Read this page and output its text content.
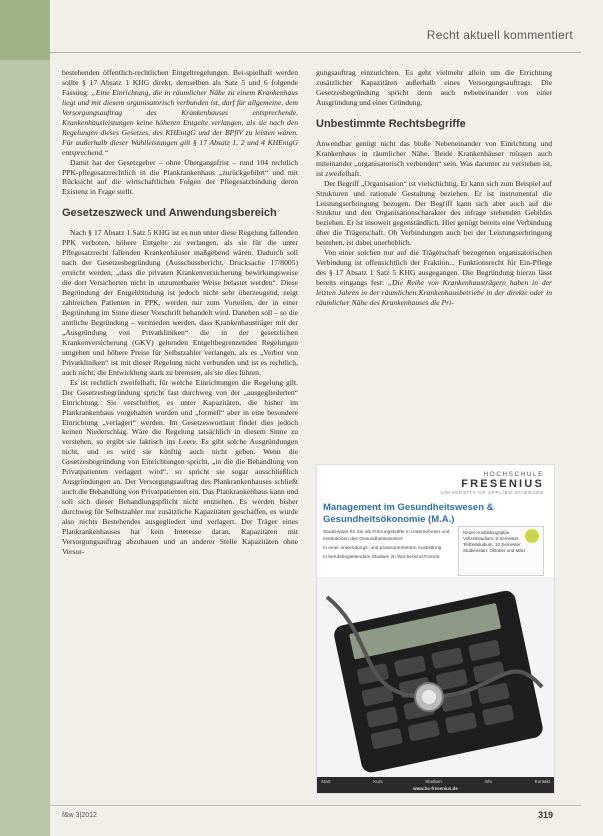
Recht aktuell kommentiert

bestehenden öffentlich-rechtlichen Entgeltregelungen. Bei-spielhaft werden sollte § 17 Absatz 1 KHG direkt, demselben als Satz 5 und 6 folgende Fassung: „Eine Einrichtung, die in räumlicher Nähe zu einem Krankenhaus liegt und mit diesem organisatorisch verbunden ist, darf für allgemeine, dem Versorgungsauftrag des Krankenhauses entsprechende, Krankenhausleistungen keine höheren Entgelte verlangen, als sie nach den Regelungen dieses Gesetzes, des KHEntgG und der BPflV zu leisten wären. Für außerhalb dieser Wahlleistungen gilt § 17 Absatz 1, 2 und 4 KHEntgG entsprechend.“

Damit hat der Gesetzgeber – ohne Übergangsfrist – rund 104 rechtlich PPK-pflegesatzrechtlich in die Plankrankenhaus „zurückgeführt“ und mit Rücksicht auf die wirtschaftlichen Folgen der Pflegesatzbindung deren Existenz in Frage stellt.

Gesetzeszweck und Anwendungsbereich

Nach § 17 Absatz 1 Satz 5 KHG ist es nun unter diese Regelung fallenden PPK verboten, höhere Entgelte zu verlangen, als sie für die unter Pflegesatzrecht fallenden Krankenhäuser maßgebend wären. Dadurch soll nach der Gesetzesbegründung (Ausschussbericht, Drucksache 17/8005) erreicht werden, „dass die privaten Krankenversicherung bewirkungsweise die dort Versicherten nicht in unzumutbarer Weise belastet werden“. Diese Begründung der Entgeltbindung ist jedoch nicht sehr überzeugend, zeigt zahlreichen Patienten in PPK, werden nur zum Vorteilen, der in einer Begründung im Sinne dieser Vorschrift behandelt wird. Daneben soll – so die amtliche Begründung – vermieden werden, dass Krankenhausträger mit der „Ausgründung von Privatkliniken“ die in der gesetzlichen Krankenversicherung (GKV) geltenden Entgeltbegrenzenden Regelungen umgehen und höhere Preise für Selbstzahler verlangen, als es „Verbot von Privatkliniken“ ist mit dieser Regelung nicht verbunden und ist es rechtlich, auch nicht, die Entwicklung stark zu bremsen, als sie dies führen.

Es ist rechtlich zweifelhaft, für welche Einrichtungen die Regelung gilt. Der Gesetzesbegründung spricht fast durchweg von der „ausgegliederten“ Einrichtung. Sie verschriftet, es unter Kapazitäten, die bisher im Plankrankenhaus vorgehalten wurden und „formell“ aber in eine besondere Einrichtung „verlagert“ werden. Im Gesetzeswortlaut findet dies jedoch keinen Niederschlag. Wäre die Regelung tatsächlich in diesem Sinne zu verstehen, so ergibt sie faktisch ins Leere. Es gibt solche Ausgründungen nicht, und es wird sie künftig auch nicht geben. Wenn die Gesetzesbegründung von Einrichtungen spricht, „in die die Behandlung von Privatpatienten verlagert wird“, so spricht sie sogar ausschließlich Ausgründungen an. Der Versorgungsauftrag des Plankrankenhauses schließt auch die Behandlung von Privatpatienten ein. Das Plankrankenhaus kann und soll sich dieser Behandlungspflicht nicht entziehen. Es werden bisher durchweg für Selbstzahler nur zusätzliche Kapazitäten geschaffen, es wurde also nichts Bestehendes ausgegliedert und verlagert. Der Träger eines Plankrankenhauses hat kein Interesse daran, Kapazitäten mit Versorgungsauftrag abzubauen und an anderer Stelle Kapazitäten ohne Versor-

gungsauftrag einzurichten. Es geht vielmehr allein um die Errichtung zusätzlicher Kapazitäten außerhalb eines Versorgungsauftrags. Die Gesetzesbegründung spricht denn auch nebeneinander von einer Ausgründung und einer Gründung.

Unbestimmte Rechtsbegriffe

Anwendbar genügt nicht das bloße Nebeneinander von Einrichtung und Krankenhaus in räumlicher Nähe. Beide Krankenhäuser müssen auch miteinander „organisatorisch verbunden“ sein. Was darunter zu verstehen ist, ist zweifelhaft.

Der Begriff „Organisation“ ist vielschichtig. Er kann sich zum Beispiel auf Strukturen und rationale Gestaltung beziehen. Er ist instrumental die Leistungserbringung bezogen. Der Begriff kann sich aber auch auf die Struktur und den Organisationscharakter des infrage stehenden Gebildes beziehen. Er ist insoweit gegenständlich. Hier genügt bereits eine Verbindung über die Trägerschaft. Ob Verbindungen auch bei der Leistungserbringung bestehen, ist dabei unerheblich.

Von einer solchen nur auf die Trägerschaft bezogenen organisatorischen Verbindung ist offensichtlich der Fraktion... Funktionsrecht für Ein-Pflege des § 17 Absatz 1 Satz 5 KHG ausgegangen. Die Begründung hierzu lässt bereits eingangs fest: „Die Reihe von Krankenhausträgern haben in der letzten Jahren in der räumlichen Krankenhausbetriebe in der direkte oder in räumlicher Nähe des Krankenhauses die Pri-

HOCHSCHULE
FRESENIUS
UNIVERSITY OF APPLIED SCIENCES
Management im Gesundheitswesen & Gesundheitsökonomie (M.A.)

Studienplan für Sie als Führungskräfte in Unternehmen und Institutionen des Gesundheitswesens

In einer anwendungs- und praxisorientierten Ausbildung

In berufsbegleitendem Studium im Wochenend-Format

Neuer Ausbildungsplan
Vollzeitstudium: 8 Semester
Teilzeitstudium: 10 Semester
Studienstart: Oktober und März
Start	Kurs	Studium	Info	Kontakt
www.hs-fresenius.de
f&w 3|2012	319
